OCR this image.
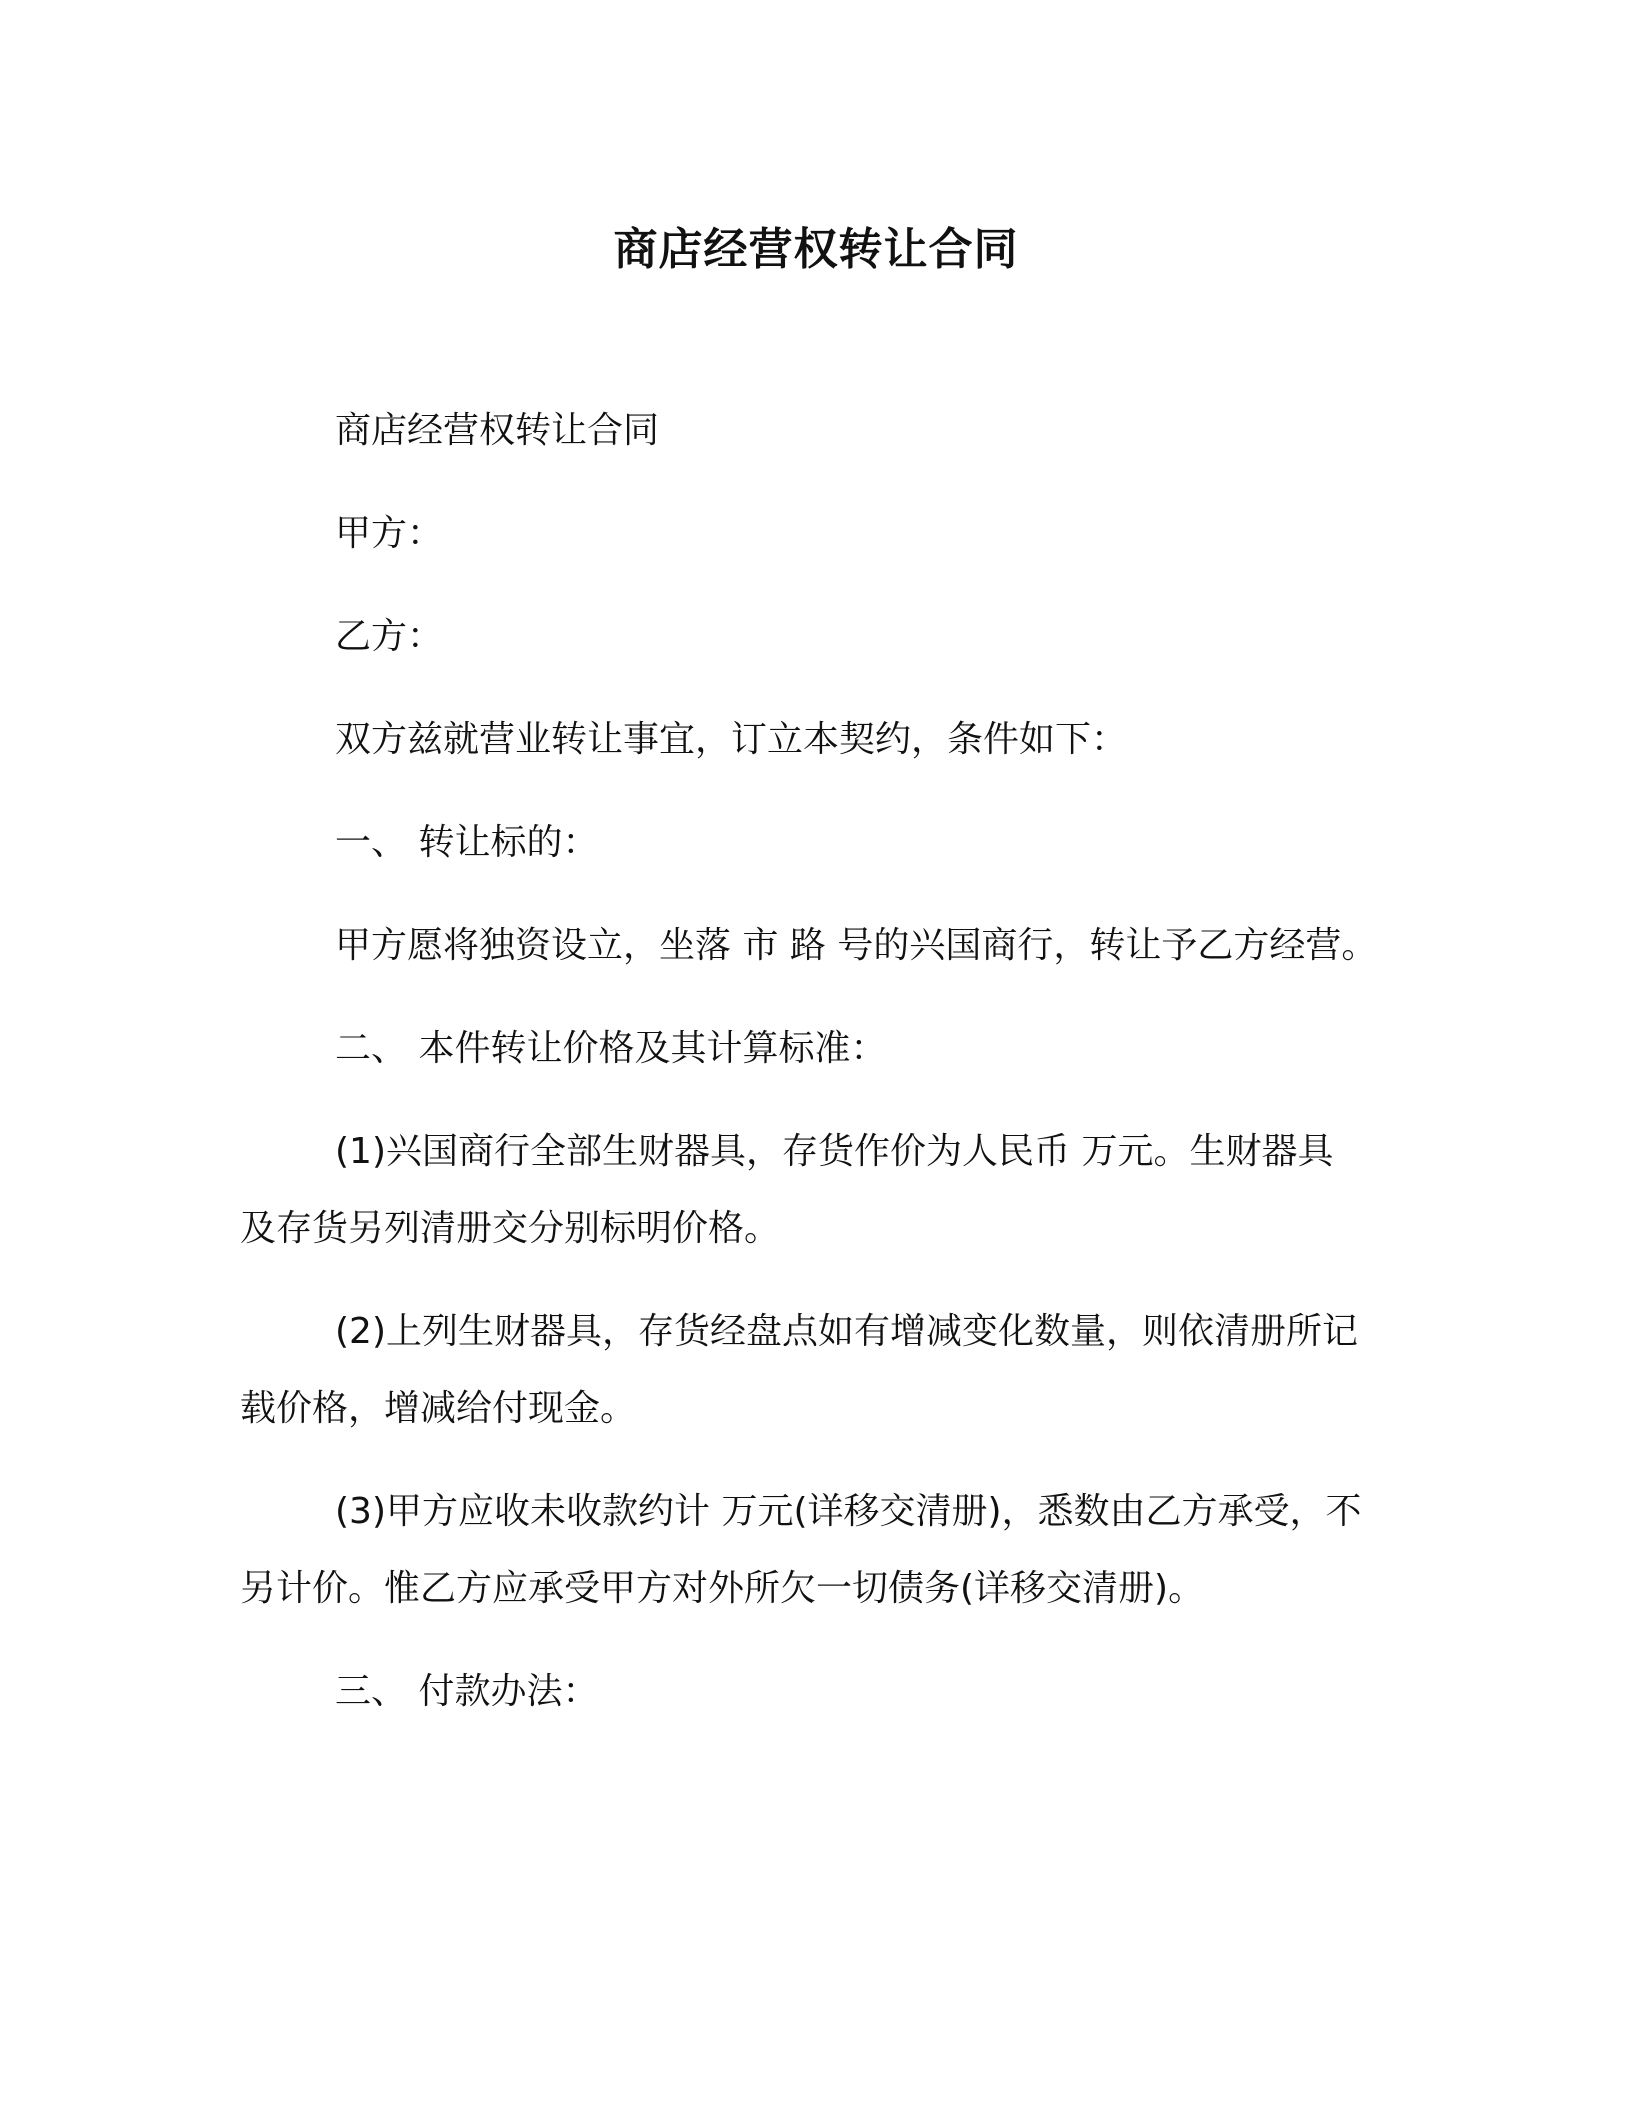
商店经营权转让合同
商店经营权转让合同
甲方：
乙方：
双方兹就营业转让事宜，订立本契约，条件如下：
一、 转让标的：
甲方愿将独资设立，坐落 市 路 号的兴国商行，转让予乙方经营。
二、 本件转让价格及其计算标准：
(1)兴国商行全部生财器具，存货作价为人民币 万元。生财器具
及存货另列清册交分别标明价格。
(2)上列生财器具，存货经盘点如有增减变化数量，则依清册所记
载价格，增减给付现金。
(3)甲方应收未收款约计 万元(详移交清册)，悉数由乙方承受，不
另计价。惟乙方应承受甲方对外所欠一切债务(详移交清册)。
三、 付款办法：
